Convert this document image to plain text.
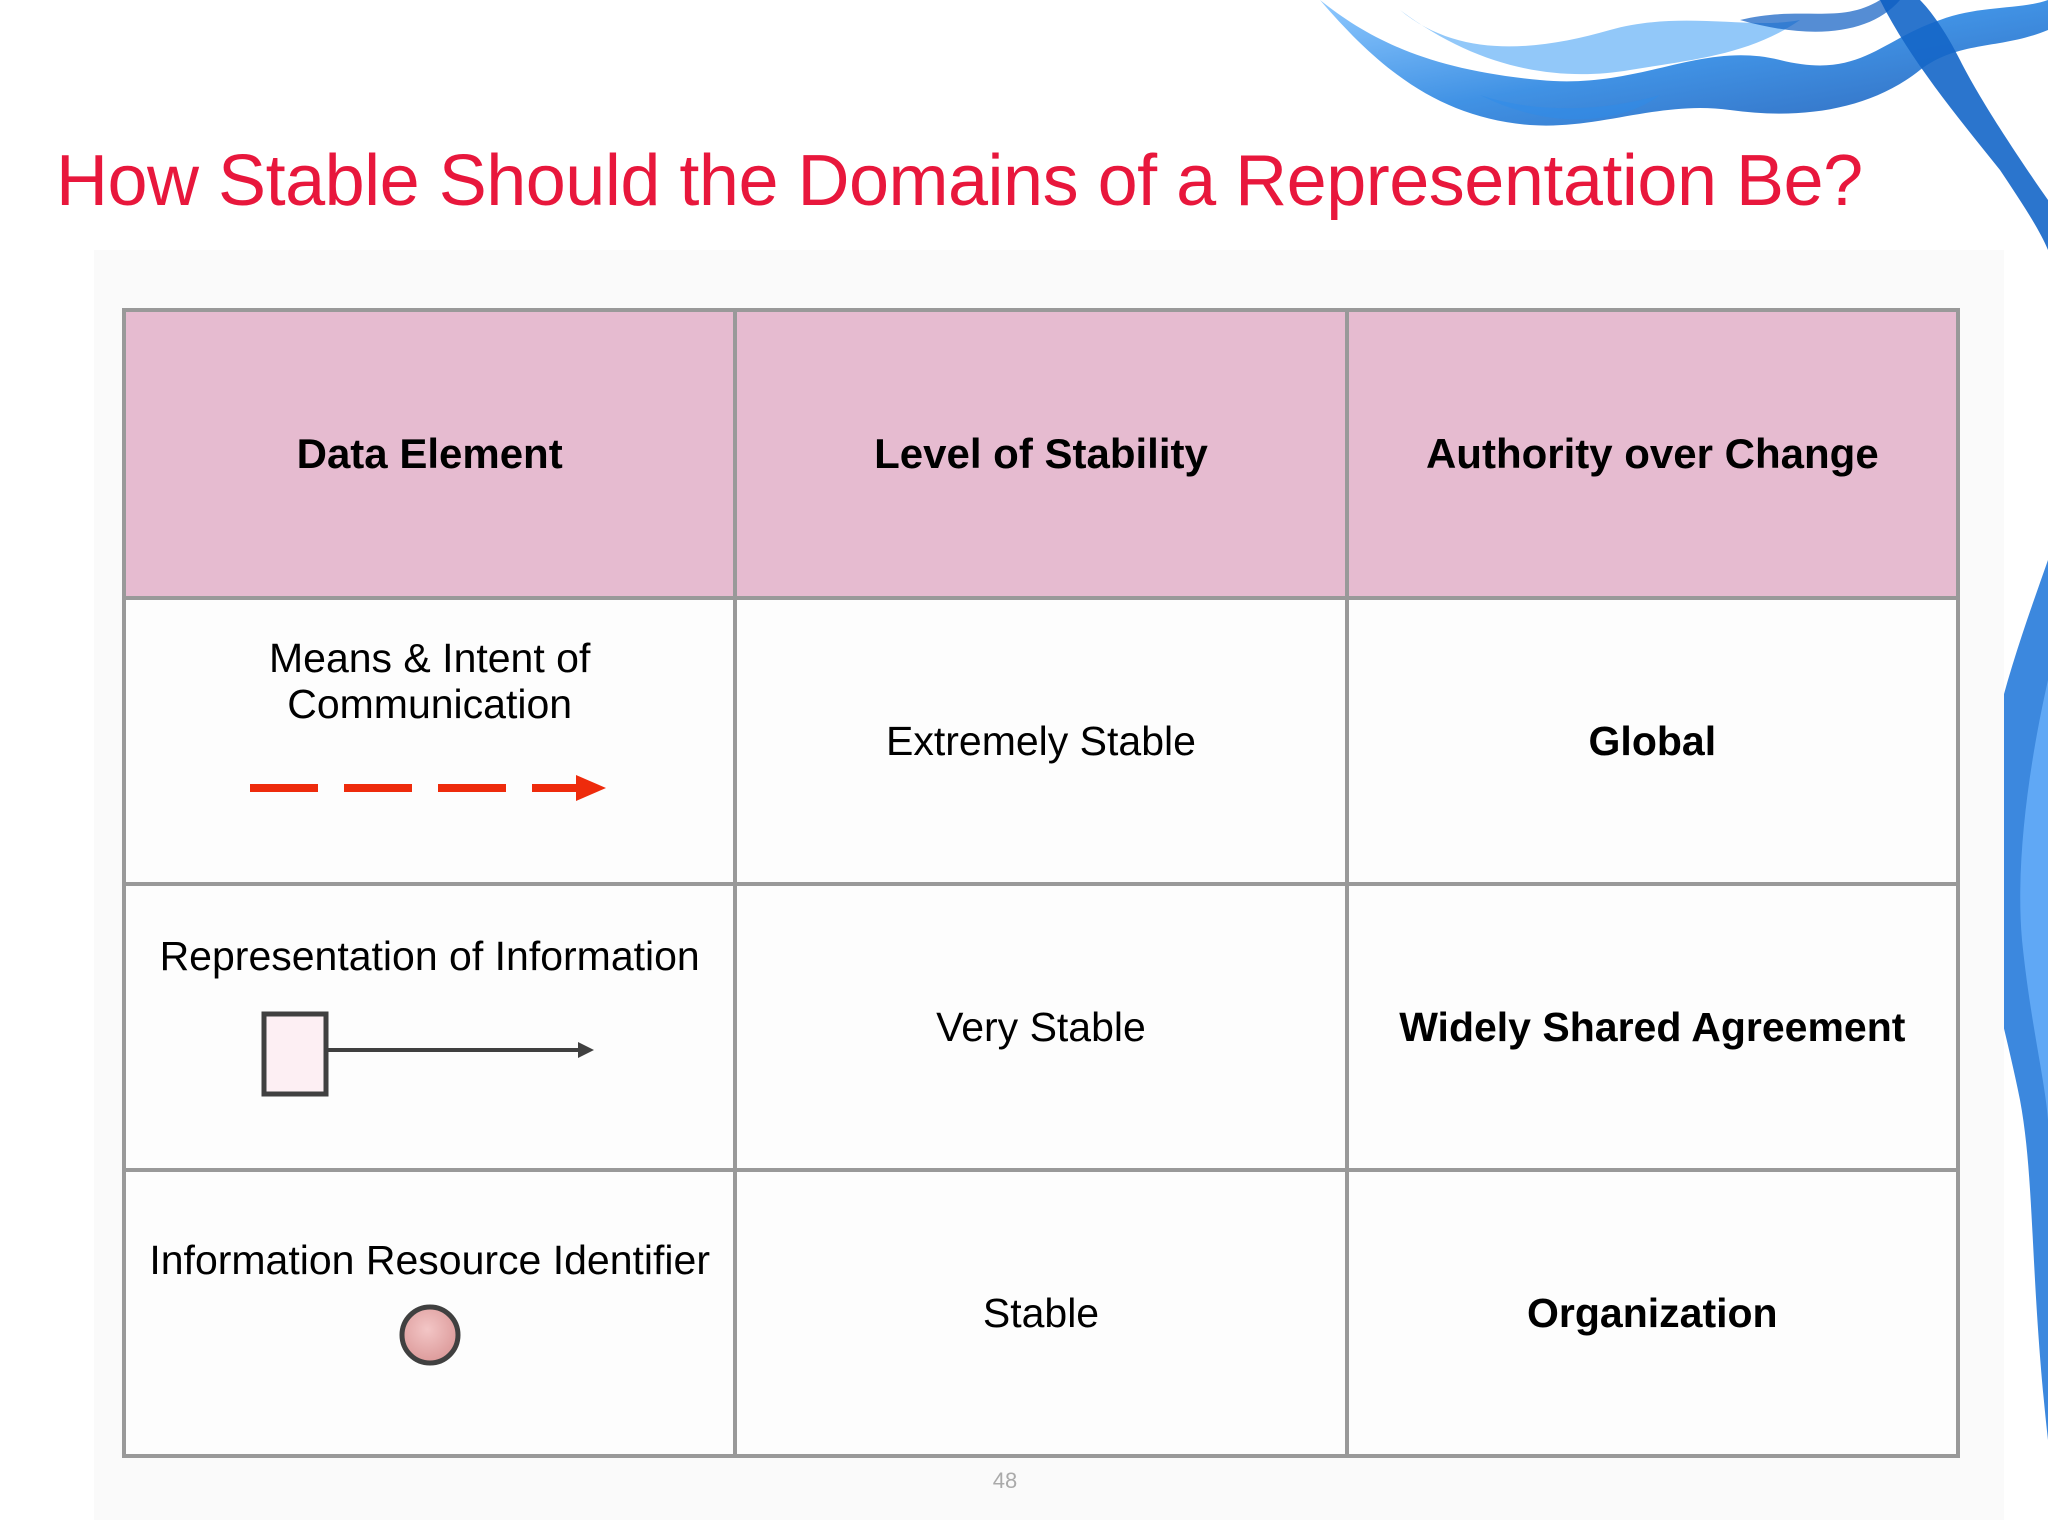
How Stable Should the Domains of a Representation Be?
Data Element	Level of Stability	Authority over Change

Means & Intent of
Communication	Extremely Stable	Global

Representation of Information	Very Stable	Widely Shared Agreement

Information Resource Identifier	Stable	Organization
48
